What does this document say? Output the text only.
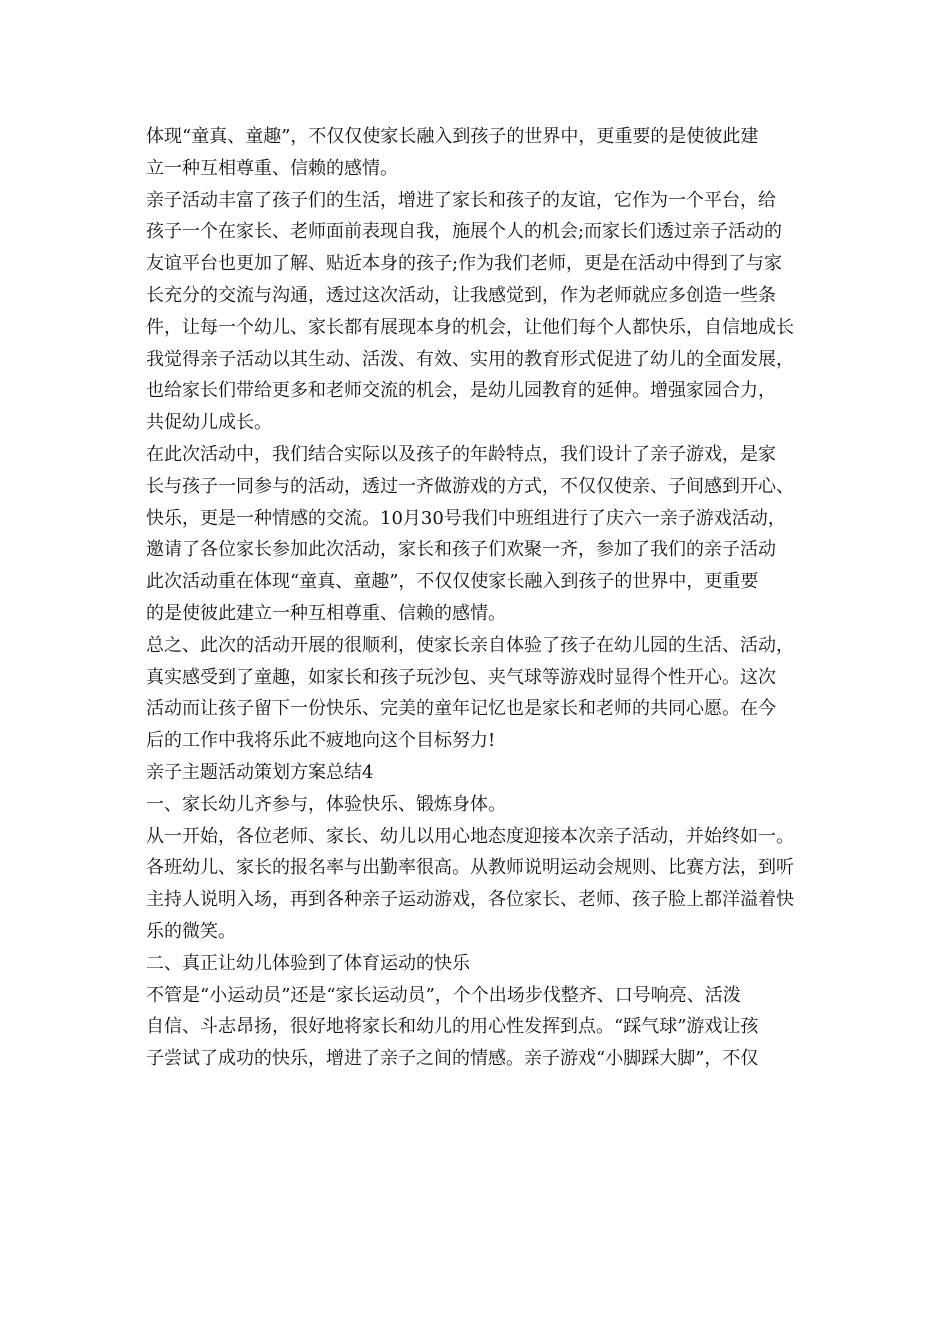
体现“童真、童趣”，不仅仅使家长融入到孩子的世界中，更重要的是使彼此建
立一种互相尊重、信赖的感情。
亲子活动丰富了孩子们的生活，增进了家长和孩子的友谊，它作为一个平台，给
孩子一个在家长、老师面前表现自我，施展个人的机会;而家长们透过亲子活动的
友谊平台也更加了解、贴近本身的孩子;作为我们老师，更是在活动中得到了与家
长充分的交流与沟通，透过这次活动，让我感觉到，作为老师就应多创造一些条
件，让每一个幼儿、家长都有展现本身的机会，让他们每个人都快乐，自信地成长
我觉得亲子活动以其生动、活泼、有效、实用的教育形式促进了幼儿的全面发展，
也给家长们带给更多和老师交流的机会，是幼儿园教育的延伸。增强家园合力，
共促幼儿成长。
在此次活动中，我们结合实际以及孩子的年龄特点，我们设计了亲子游戏，是家
长与孩子一同参与的活动，透过一齐做游戏的方式，不仅仅使亲、子间感到开心、
快乐，更是一种情感的交流。10月30号我们中班组进行了庆六一亲子游戏活动，
邀请了各位家长参加此次活动，家长和孩子们欢聚一齐，参加了我们的亲子活动
此次活动重在体现“童真、童趣”，不仅仅使家长融入到孩子的世界中，更重要
的是使彼此建立一种互相尊重、信赖的感情。
总之、此次的活动开展的很顺利，使家长亲自体验了孩子在幼儿园的生活、活动，
真实感受到了童趣，如家长和孩子玩沙包、夹气球等游戏时显得个性开心。这次
活动而让孩子留下一份快乐、完美的童年记忆也是家长和老师的共同心愿。在今
后的工作中我将乐此不疲地向这个目标努力!
亲子主题活动策划方案总结4
一、家长幼儿齐参与，体验快乐、锻炼身体。
从一开始，各位老师、家长、幼儿以用心地态度迎接本次亲子活动，并始终如一。
各班幼儿、家长的报名率与出勤率很高。从教师说明运动会规则、比赛方法，到听
主持人说明入场，再到各种亲子运动游戏，各位家长、老师、孩子脸上都洋溢着快
乐的微笑。
二、真正让幼儿体验到了体育运动的快乐
不管是“小运动员”还是“家长运动员”，个个出场步伐整齐、口号响亮、活泼
自信、斗志昂扬，很好地将家长和幼儿的用心性发挥到点。“踩气球”游戏让孩
子尝试了成功的快乐，增进了亲子之间的情感。亲子游戏“小脚踩大脚”，不仅
